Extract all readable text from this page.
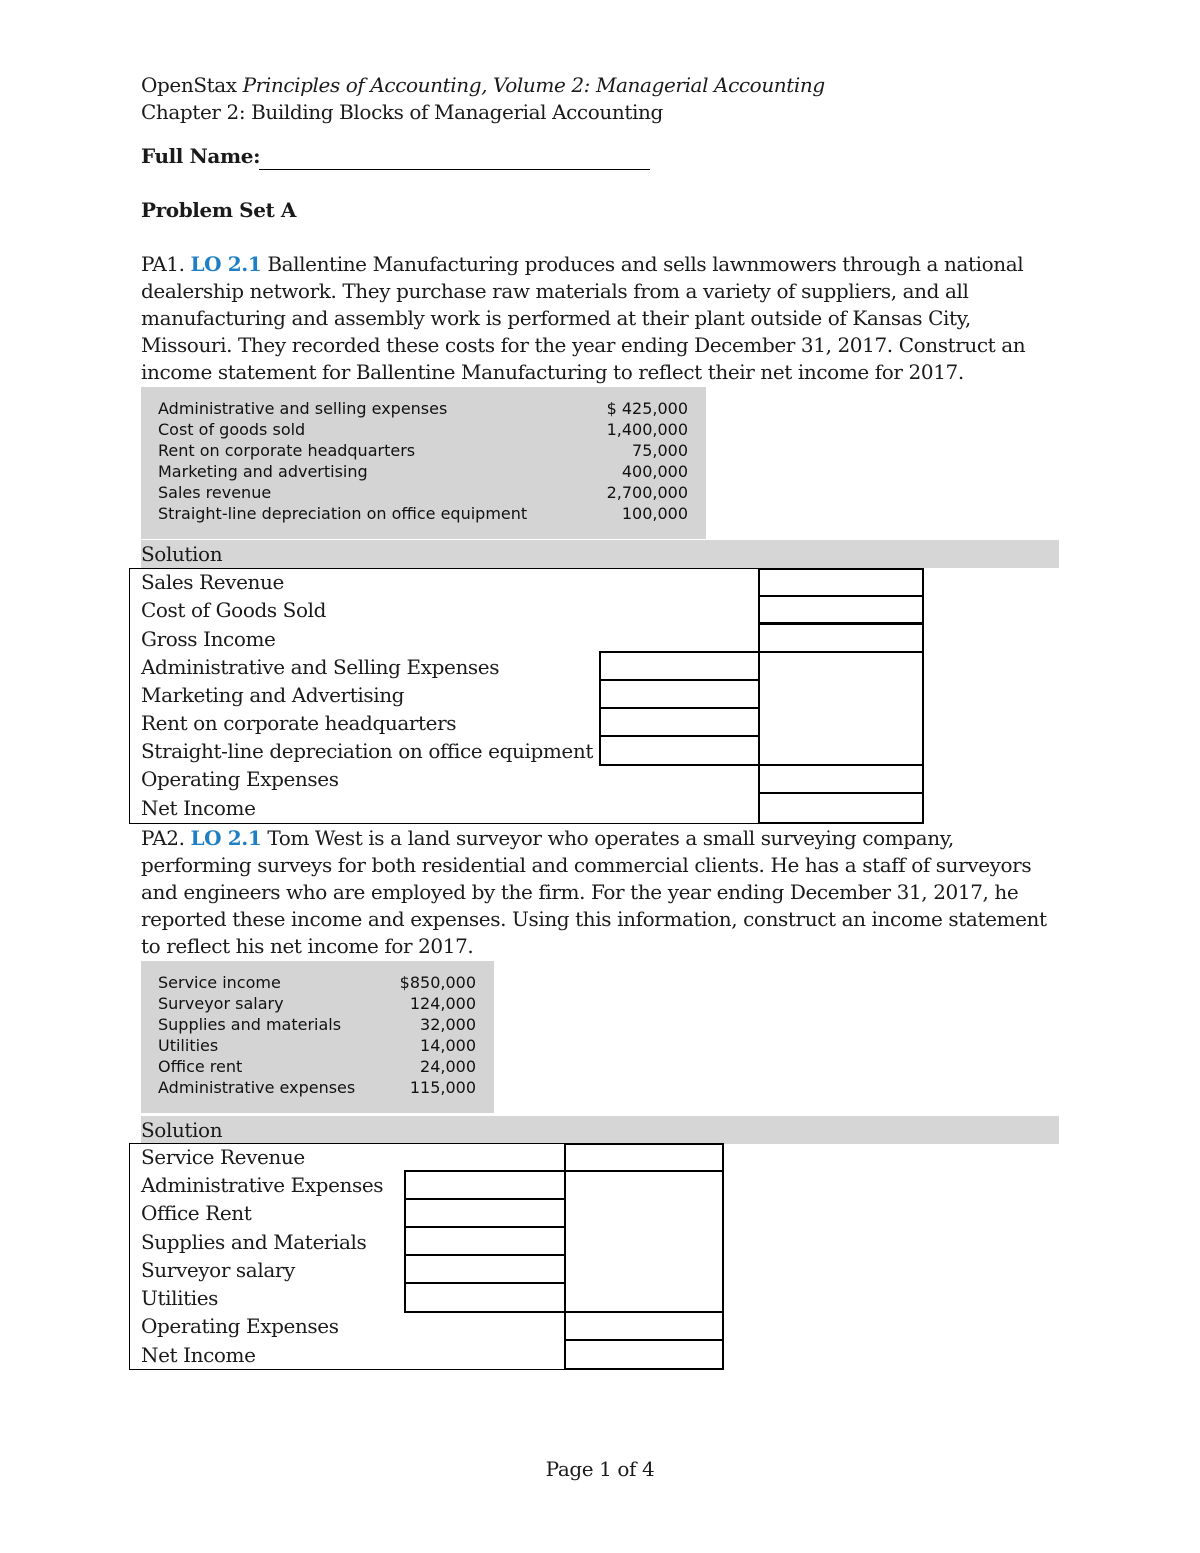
OpenStax Principles of Accounting, Volume 2: Managerial Accounting
Chapter 2: Building Blocks of Managerial Accounting
Full Name:
Problem Set A
PA1. LO 2.1 Ballentine Manufacturing produces and sells lawnmowers through a national dealership network. They purchase raw materials from a variety of suppliers, and all manufacturing and assembly work is performed at their plant outside of Kansas City, Missouri. They recorded these costs for the year ending December 31, 2017. Construct an income statement for Ballentine Manufacturing to reflect their net income for 2017.
Administrative and selling expenses	$ 425,000
Cost of goods sold	1,400,000
Rent on corporate headquarters	75,000
Marketing and advertising	400,000
Sales revenue	2,700,000
Straight-line depreciation on office equipment	100,000
Solution
Sales Revenue
Cost of Goods Sold
Gross Income
Administrative and Selling Expenses
Marketing and Advertising
Rent on corporate headquarters
Straight-line depreciation on office equipment
Operating Expenses
Net Income
PA2. LO 2.1 Tom West is a land surveyor who operates a small surveying company, performing surveys for both residential and commercial clients. He has a staff of surveyors and engineers who are employed by the firm. For the year ending December 31, 2017, he reported these income and expenses. Using this information, construct an income statement to reflect his net income for 2017.
Service income	$850,000
Surveyor salary	124,000
Supplies and materials	32,000
Utilities	14,000
Office rent	24,000
Administrative expenses	115,000
Solution
Service Revenue
Administrative Expenses
Office Rent
Supplies and Materials
Surveyor salary
Utilities
Operating Expenses
Net Income
Page 1 of 4
